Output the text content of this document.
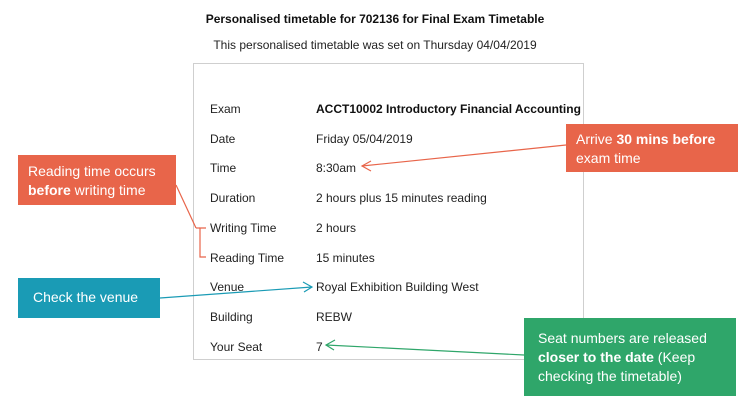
Personalised timetable for 702136 for Final Exam Timetable
This personalised timetable was set on Thursday 04/04/2019
Exam	ACCT10002 Introductory Financial Accounting
Date	Friday 05/04/2019
Time	8:30am
Duration	2 hours plus 15 minutes reading
Writing Time	2 hours
Reading Time	15 minutes
Venue	Royal Exhibition Building West
Building	REBW
Your Seat	7
Arrive 30 mins before exam time
Reading time occurs before writing time
Check the venue
Seat numbers are released closer to the date (Keep checking the timetable)
